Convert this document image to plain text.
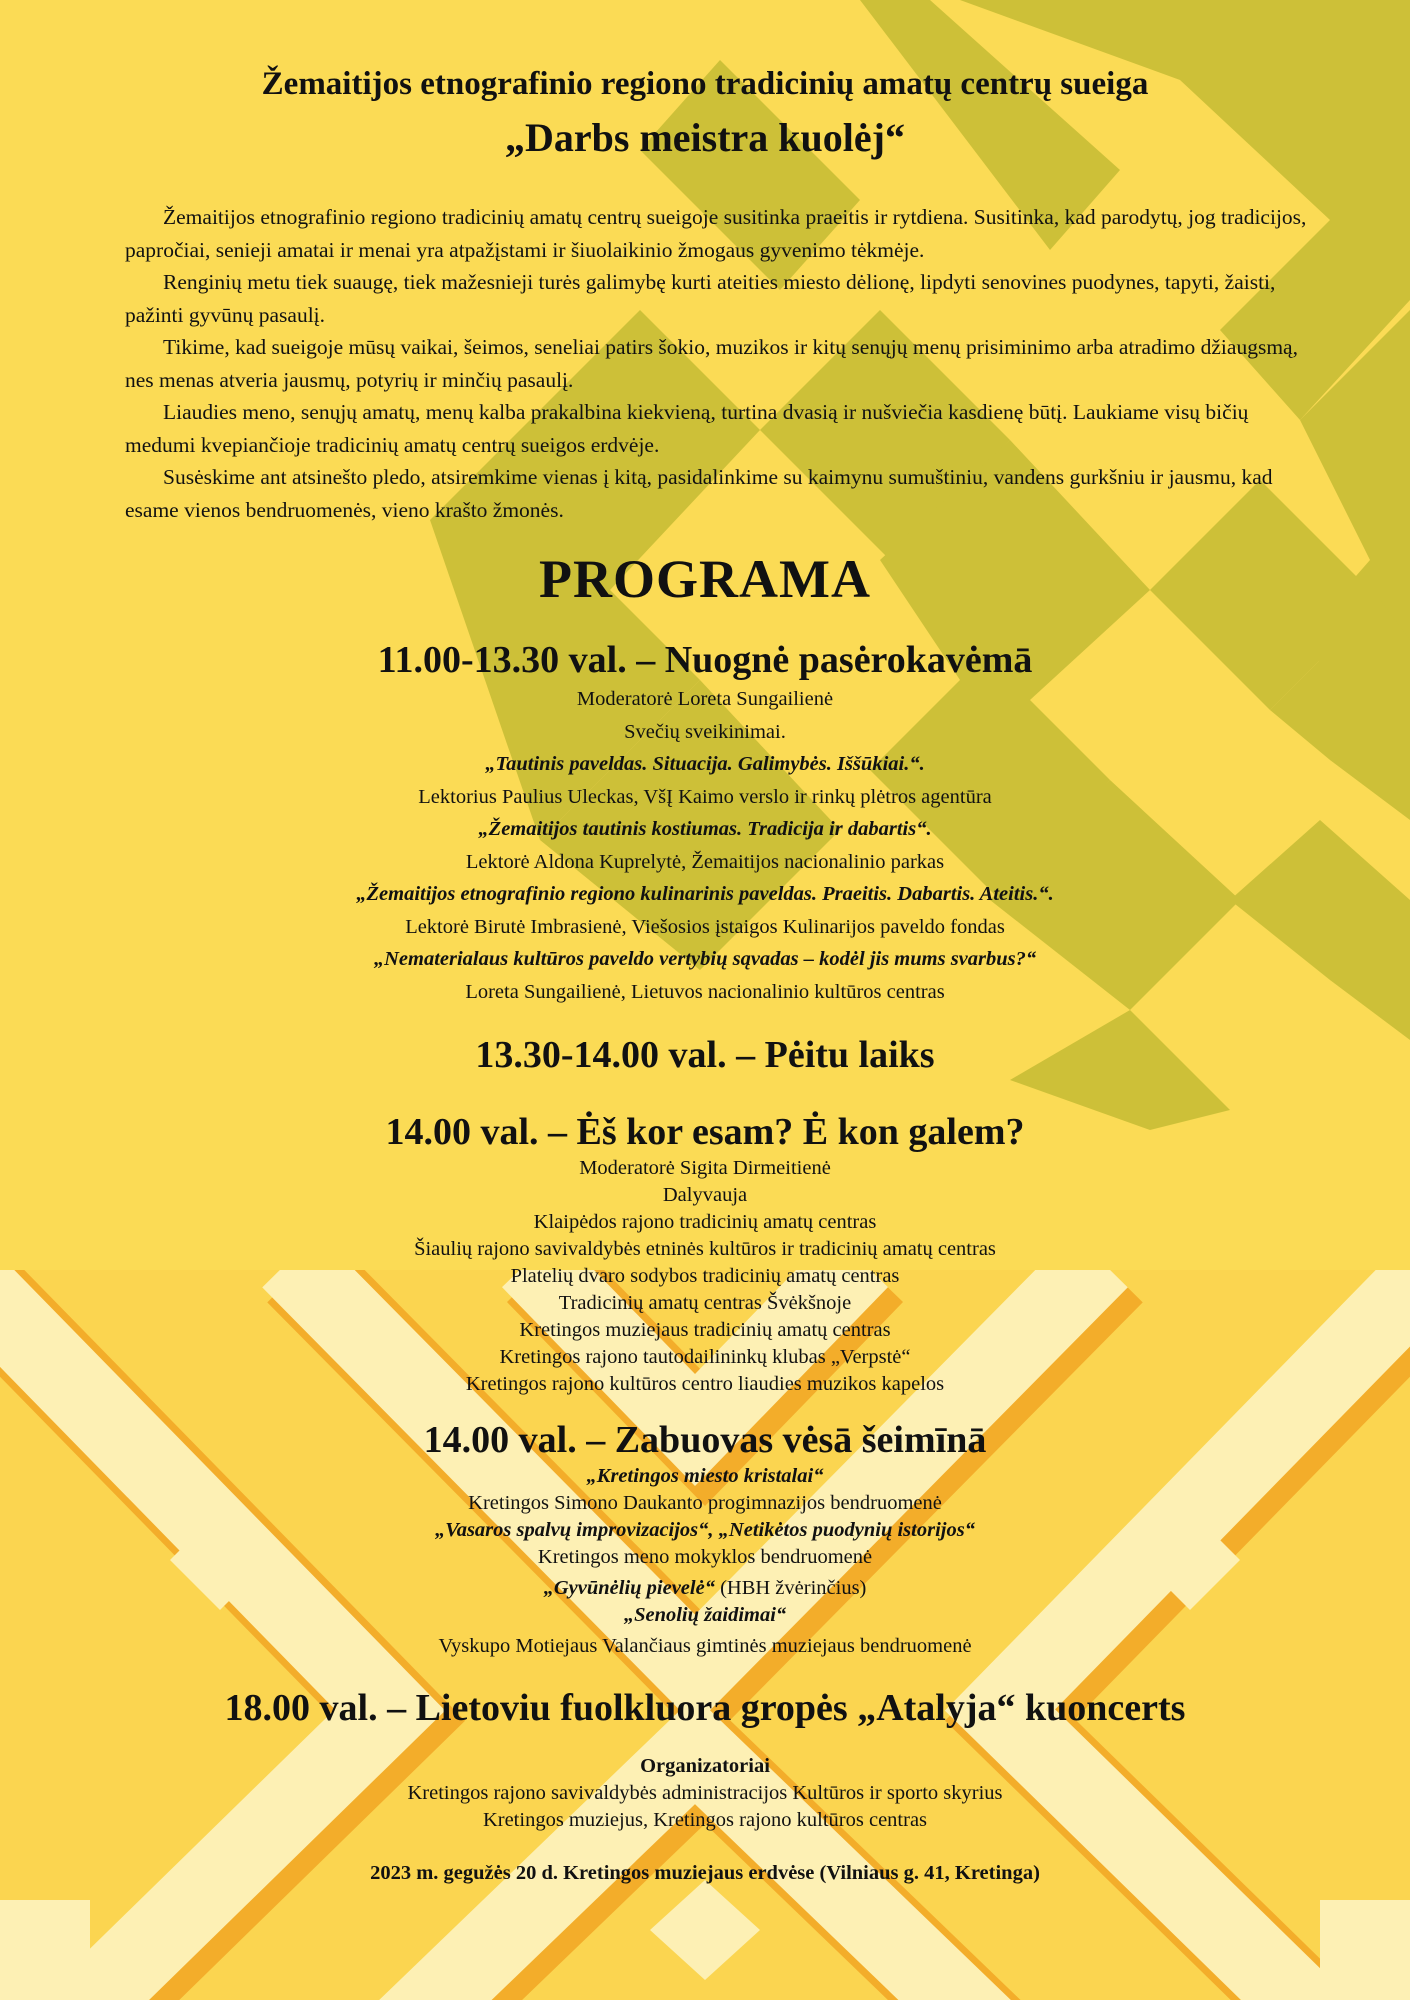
Žemaitijos etnografinio regiono tradicinių amatų centrų sueiga
„Darbs meistra kuolėj“

Žemaitijos etnografinio regiono tradicinių amatų centrų sueigoje susitinka praeitis ir rytdiena. Susitinka, kad parodytų, jog tradicijos, papročiai, senieji amatai ir menai yra atpažįstami ir šiuolaikinio žmogaus gyvenimo tėkmėje.

Renginių metu tiek suaugę, tiek mažesnieji turės galimybę kurti ateities miesto dėlionę, lipdyti senovines puodynes, tapyti, žaisti, pažinti gyvūnų pasaulį.

Tikime, kad sueigoje mūsų vaikai, šeimos, seneliai patirs šokio, muzikos ir kitų senųjų menų prisiminimo arba atradimo džiaugsmą, nes menas atveria jausmų, potyrių ir minčių pasaulį.

Liaudies meno, senųjų amatų, menų kalba prakalbina kiekvieną, turtina dvasią ir nušviečia kasdienę būtį. Laukiame visų bičių medumi kvepiančioje tradicinių amatų centrų sueigos erdvėje.

Susėskime ant atsinešto pledo, atsiremkime vienas į kitą, pasidalinkime su kaimynu sumuštiniu, vandens gurkšniu ir jausmu, kad esame vienos bendruomenės, vieno krašto žmonės.

PROGRAMA
11.00-13.30 val. – Nuognė pasėrokavėmā
Moderatorė Loreta Sungailienė
Svečių sveikinimai.
„Tautinis paveldas. Situacija. Galimybės. Iššūkiai.“.
Lektorius Paulius Uleckas, VšĮ Kaimo verslo ir rinkų plėtros agentūra
„Žemaitijos tautinis kostiumas. Tradicija ir dabartis“.
Lektorė Aldona Kuprelytė, Žemaitijos nacionalinio parkas
„Žemaitijos etnografinio regiono kulinarinis paveldas. Praeitis. Dabartis. Ateitis.“.
Lektorė Birutė Imbrasienė, Viešosios įstaigos Kulinarijos paveldo fondas
„Nematerialaus kultūros paveldo vertybių sąvadas – kodėl jis mums svarbus?“
Loreta Sungailienė, Lietuvos nacionalinio kultūros centras
13.30-14.00 val. – Pėitu laiks
14.00 val. – Ėš kor esam? Ė kon galem?
Moderatorė Sigita Dirmeitienė
Dalyvauja
Klaipėdos rajono tradicinių amatų centras
Šiaulių rajono savivaldybės etninės kultūros ir tradicinių amatų centras
Platelių dvaro sodybos tradicinių amatų centras
Tradicinių amatų centras Švėkšnoje
Kretingos muziejaus tradicinių amatų centras
Kretingos rajono tautodailininkų klubas „Verpstė“
Kretingos rajono kultūros centro liaudies muzikos kapelos
14.00 val. – Zabuovas vėsā šeimīnā
„Kretingos miesto kristalai“
Kretingos Simono Daukanto progimnazijos bendruomenė
„Vasaros spalvų improvizacijos“, „Netikėtos puodynių istorijos“
Kretingos meno mokyklos bendruomenė
„Gyvūnėlių pievelė“ (HBH žvėrinčius)
„Senolių žaidimai“
Vyskupo Motiejaus Valančiaus gimtinės muziejaus bendruomenė
18.00 val. – Lietoviu fuolkluora gropės „Atalyja“ kuoncerts
Organizatoriai
Kretingos rajono savivaldybės administracijos Kultūros ir sporto skyrius
Kretingos muziejus, Kretingos rajono kultūros centras
2023 m. gegužės 20 d. Kretingos muziejaus erdvėse (Vilniaus g. 41, Kretinga)
